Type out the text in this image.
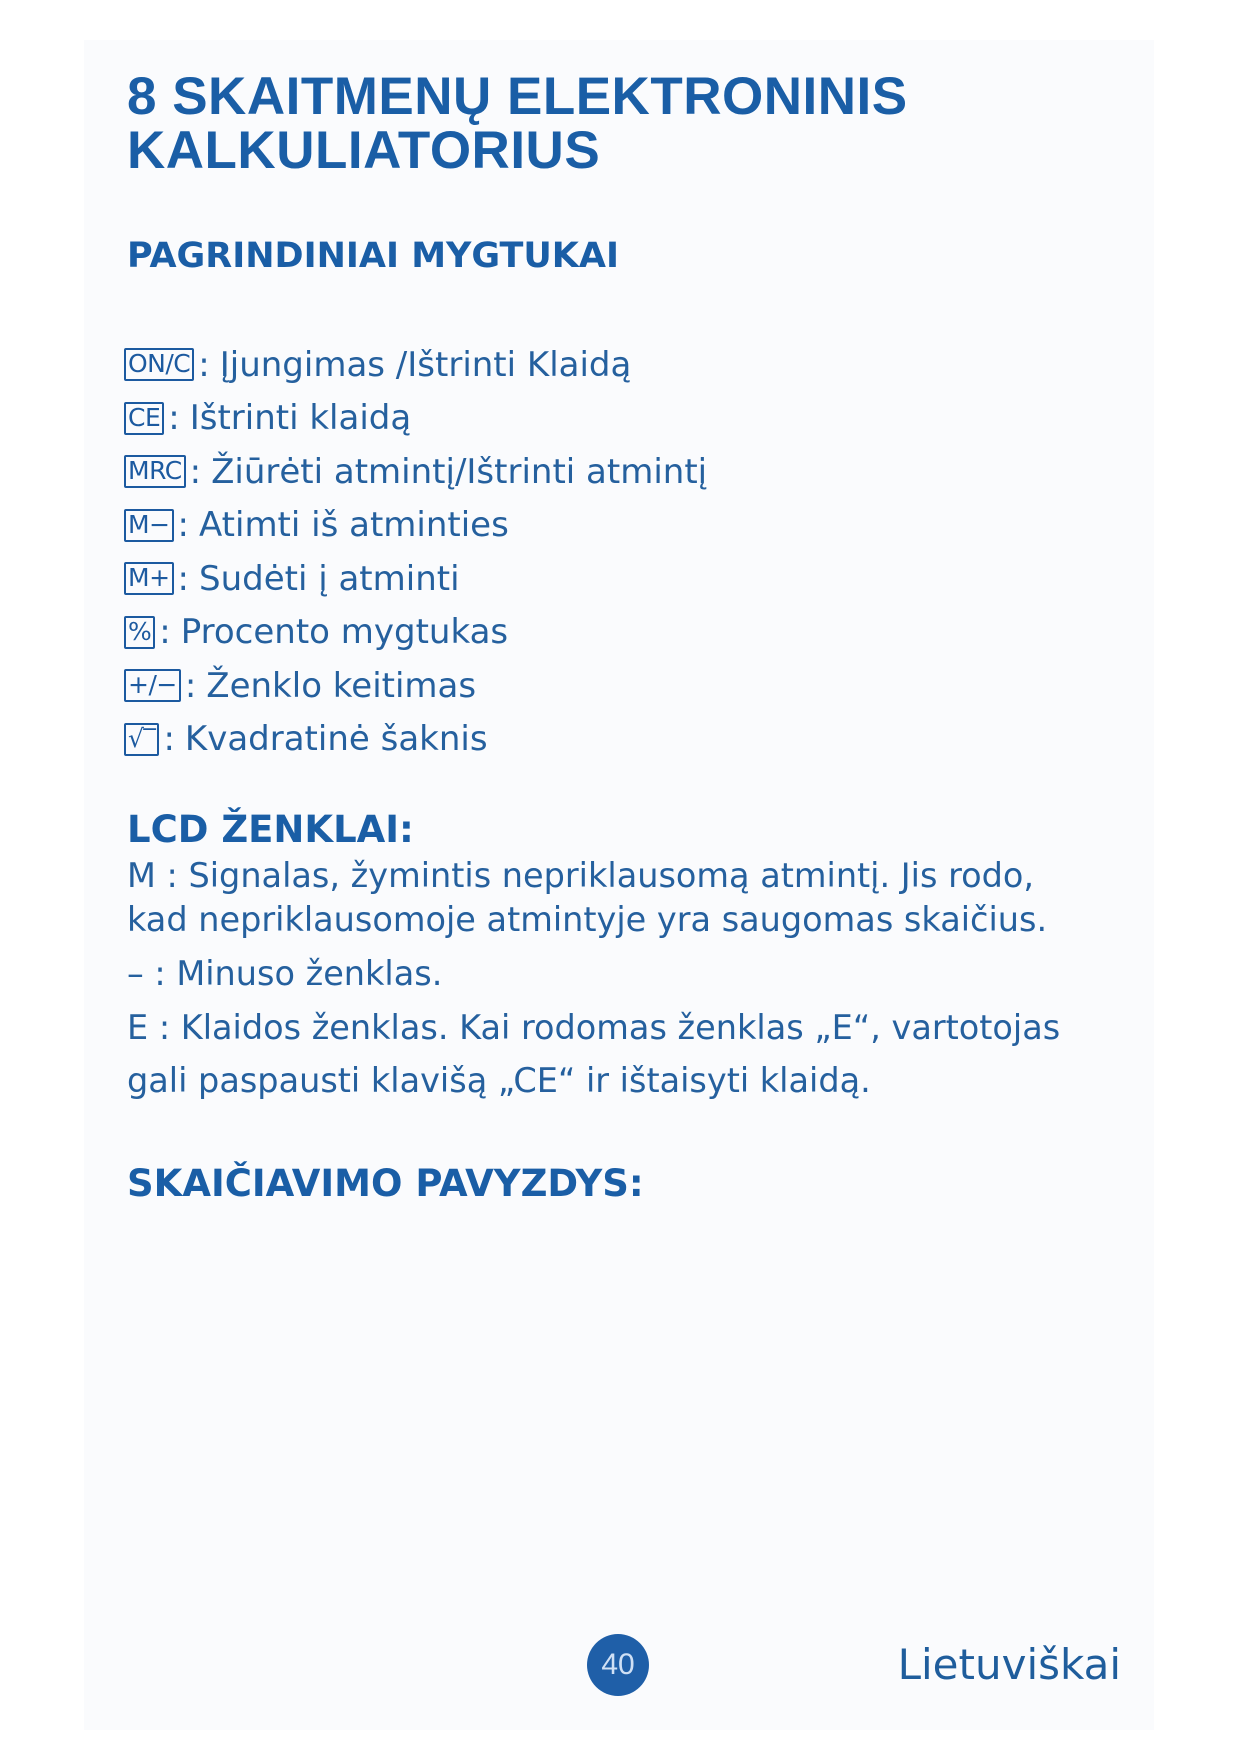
8 SKAITMENŲ ELEKTRONINIS
KALKULIATORIUS
PAGRINDINIAI MYGTUKAI
ON/C : Įjungimas /Ištrinti Klaidą
CE : Ištrinti klaidą
MRC : Žiūrėti atmintį/Ištrinti atmintį
M− : Atimti iš atminties
M+ : Sudėti į atminti
% : Procento mygtukas
+/− : Ženklo keitimas
√‾ : Kvadratinė šaknis
LCD ŽENKLAI:

M : Signalas, žymintis nepriklausomą atmintį. Jis rodo,

kad nepriklausomoje atmintyje yra saugomas skaičius.

– : Minuso ženklas.

E : Klaidos ženklas. Kai rodomas ženklas „E“, vartotojas

gali paspausti klavišą „CE“ ir ištaisyti klaidą.

SKAIČIAVIMO PAVYZDYS:
40	Lietuviškai
